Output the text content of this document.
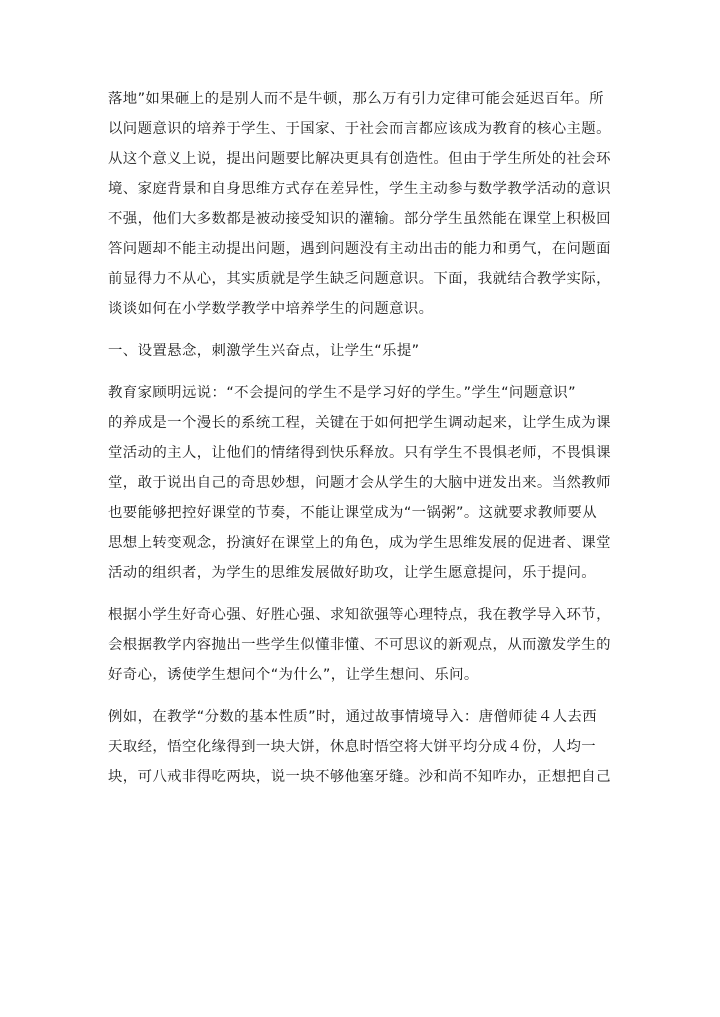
落地”如果砸上的是别人而不是牛顿，那么万有引力定律可能会延迟百年。所
以问题意识的培养于学生、于国家、于社会而言都应该成为教育的核心主题。
从这个意义上说，提出问题要比解决更具有创造性。但由于学生所处的社会环
境、家庭背景和自身思维方式存在差异性，学生主动参与数学教学活动的意识
不强，他们大多数都是被动接受知识的灌输。部分学生虽然能在课堂上积极回
答问题却不能主动提出问题，遇到问题没有主动出击的能力和勇气，在问题面
前显得力不从心，其实质就是学生缺乏问题意识。下面，我就结合教学实际，
谈谈如何在小学数学教学中培养学生的问题意识。
一、设置悬念，刺激学生兴奋点，让学生“乐提”
教育家顾明远说：“不会提问的学生不是学习好的学生。”学生“问题意识”
的养成是一个漫长的系统工程，关键在于如何把学生调动起来，让学生成为课
堂活动的主人，让他们的情绪得到快乐释放。只有学生不畏惧老师，不畏惧课
堂，敢于说出自己的奇思妙想，问题才会从学生的大脑中迸发出来。当然教师
也要能够把控好课堂的节奏，不能让课堂成为“一锅粥”。这就要求教师要从
思想上转变观念，扮演好在课堂上的角色，成为学生思维发展的促进者、课堂
活动的组织者，为学生的思维发展做好助攻，让学生愿意提问，乐于提问。
根据小学生好奇心强、好胜心强、求知欲强等心理特点，我在教学导入环节，
会根据教学内容抛出一些学生似懂非懂、不可思议的新观点，从而激发学生的
好奇心，诱使学生想问个“为什么”，让学生想问、乐问。
例如，在教学“分数的基本性质”时，通过故事情境导入：唐僧师徒４人去西
天取经，悟空化缘得到一块大饼，休息时悟空将大饼平均分成４份，人均一
块，可八戒非得吃两块，说一块不够他塞牙缝。沙和尚不知咋办，正想把自己
